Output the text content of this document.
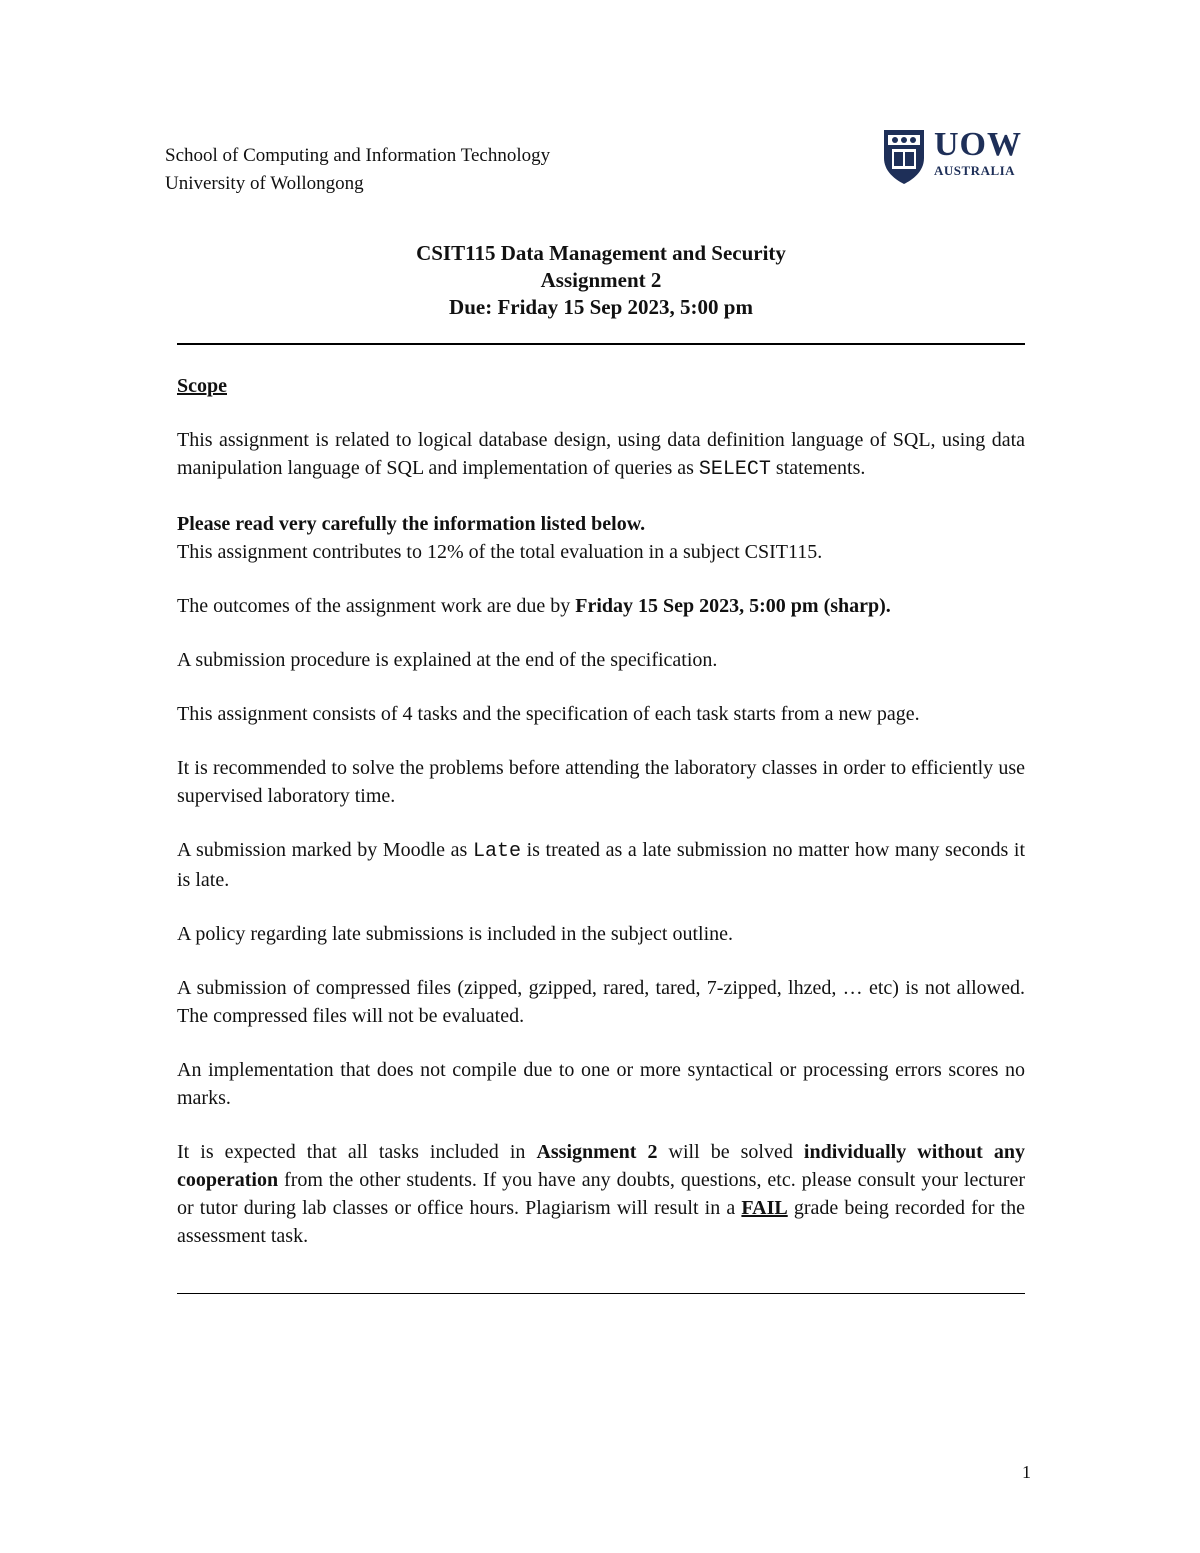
School of Computing and Information Technology
University of Wollongong
UOW
AUSTRALIA
CSIT115 Data Management and Security
Assignment 2
Due: Friday 15 Sep 2023, 5:00 pm

Scope

This assignment is related to logical database design, using data definition language of SQL, using data manipulation language of SQL and implementation of queries as SELECT statements.

Please read very carefully the information listed below.

This assignment contributes to 12% of the total evaluation in a subject CSIT115.

The outcomes of the assignment work are due by Friday 15 Sep 2023, 5:00 pm (sharp).

A submission procedure is explained at the end of the specification.

This assignment consists of 4 tasks and the specification of each task starts from a new page.

It is recommended to solve the problems before attending the laboratory classes in order to efficiently use supervised laboratory time.

A submission marked by Moodle as Late is treated as a late submission no matter how many seconds it is late.

A policy regarding late submissions is included in the subject outline.

A submission of compressed files (zipped, gzipped, rared, tared, 7-zipped, lhzed, … etc) is not allowed. The compressed files will not be evaluated.

An implementation that does not compile due to one or more syntactical or processing errors scores no marks.

It is expected that all tasks included in Assignment 2 will be solved individually without any cooperation from the other students. If you have any doubts, questions, etc. please consult your lecturer or tutor during lab classes or office hours. Plagiarism will result in a FAIL grade being recorded for the assessment task.

1
